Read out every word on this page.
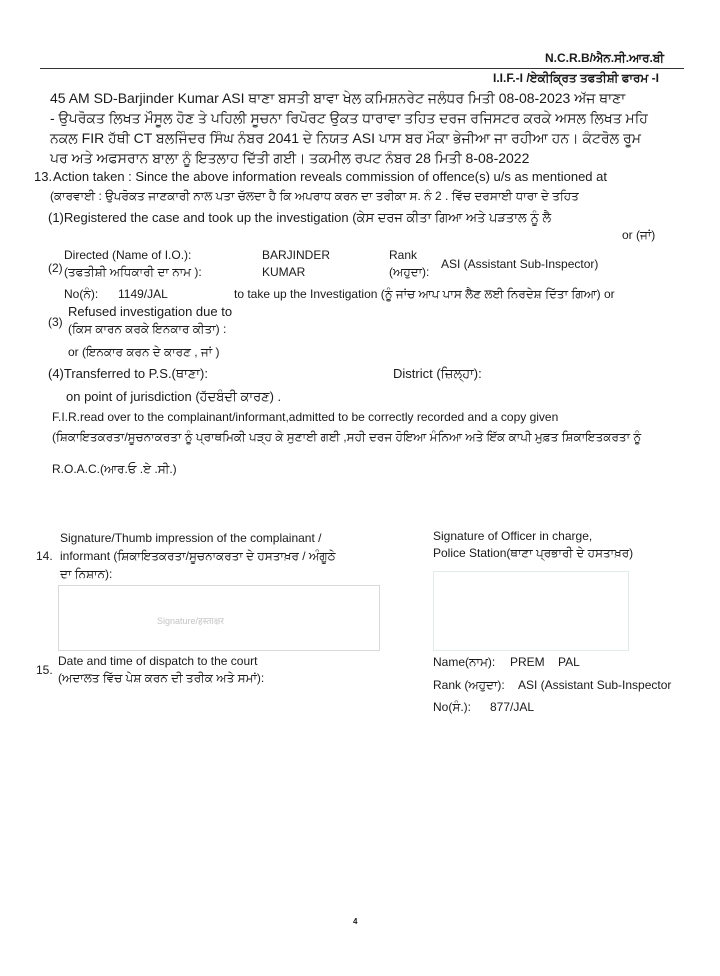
N.C.R.B/ਐਨ.ਸੀ.ਆਰ.ਬੀ
I.I.F.-I /ਏਕੀਕ੍ਰਿਤ ਤਫਤੀਸ਼ੀ ਫਾਰਮ -I
45 AM SD-Barjinder Kumar ASI ਥਾਣਾ ਬਸਤੀ ਬਾਵਾ ਖੇਲ ਕਮਿਸ਼ਨਰੇਟ ਜਲੰਧਰ ਮਿਤੀ 08-08-2023 ਅੱਜ ਥਾਣਾ
- ਉਪਰੋਕਤ ਲਿਖਤ ਮੌਸੂਲ ਹੋਣ ਤੇ ਪਹਿਲੀ ਸੂਚਨਾ ਰਿਪੋਰਟ ਉਕਤ ਧਾਰਾਵਾ ਤਹਿਤ ਦਰਜ ਰਜਿਸਟਰ ਕਰਕੇ ਅਸਲ ਲਿਖਤ ਮਹਿ
ਨਕਲ FIR ਹੱਥੀ CT ਬਲਜਿੰਦਰ ਸਿੰਘ ਨੰਬਰ 2041 ਦੇ ਨਿਯਤ ASI ਪਾਸ ਬਰ ਮੌਕਾ ਭੇਜੀਆ ਜਾ ਰਹੀਆ ਹਨ। ਕੰਟਰੋਲ ਰੂਮ
ਪਰ ਅਤੇ ਅਫਸਰਾਨ ਬਾਲਾ ਨੂੰ ਇਤਲਾਹ ਦਿੱਤੀ ਗਈ। ਤਕਮੀਲ ਰਪਟ ਨੰਬਰ 28 ਮਿਤੀ 8-08-2022
13. Action taken : Since the above information reveals commission of offence(s) u/s as mentioned at
(ਕਾਰਵਾਈ : ਉਪਰੋਕਤ ਜਾਣਕਾਰੀ ਨਾਲ ਪਤਾ ਚੱਲਦਾ ਹੈ ਕਿ ਅਪਰਾਧ ਕਰਨ ਦਾ ਤਰੀਕਾ ਸ. ਨੰ 2 . ਵਿੱਚ ਦਰਸਾਈ ਧਾਰਾ ਦੇ ਤਹਿਤ
(1)Registered the case and took up the investigation (ਕੇਸ ਦਰਜ ਕੀਤਾ ਗਿਆ ਅਤੇ ਪੜਤਾਲ ਨੂੰ ਲੈ
or (ਜਾਂ)
(2)
Directed (Name of I.O.):
(ਤਫਤੀਸ਼ੀ ਅਧਿਕਾਰੀ ਦਾ ਨਾਮ ):
BARJINDER
KUMAR
Rank
(ਅਹੁਦਾ):
ASI (Assistant Sub-Inspector)
No(ਨੰ): 1149/JAL	to take up the Investigation (ਨੂੰ ਜਾਂਚ ਆਪ ਪਾਸ ਲੈਣ ਲਈ ਨਿਰਦੇਸ਼ ਦਿੱਤਾ ਗਿਆ) or
(3)
Refused investigation due to
(ਕਿਸ ਕਾਰਨ ਕਰਕੇ ਇਨਕਾਰ ਕੀਤਾ) :
or (ਇਨਕਾਰ ਕਰਨ ਦੇ ਕਾਰਣ , ਜਾਂ )
(4)Transferred to P.S.(ਥਾਣਾ):	District (ਜ਼ਿਲ੍ਹਾ):
on point of jurisdiction (ਹੱਦਬੰਦੀ ਕਾਰਣ) .
F.I.R.read over to the complainant/informant,admitted to be correctly recorded and a copy given
(ਸ਼ਿਕਾਇਤਕਰਤਾ/ਸੂਚਨਾਕਰਤਾ ਨੂੰ ਪ੍ਰਾਥਮਿਕੀ ਪੜ੍ਹ ਕੇ ਸੁਣਾਈ ਗਈ ,ਸਹੀ ਦਰਜ ਹੋਇਆ ਮੰਨਿਆ ਅਤੇ ਇੱਕ ਕਾਪੀ ਮੁਫ਼ਤ ਸ਼ਿਕਾਇਤਕਰਤਾ ਨੂੰ
R.O.A.C.(ਆਰ.ਓ .ਏ .ਸੀ.)
Signature/Thumb impression of the complainant /
14. informant (ਸ਼ਿਕਾਇਤਕਰਤਾ/ਸੂਚਨਾਕਰਤਾ ਦੇ ਹਸਤਾਖ਼ਰ / ਅੰਗੂਠੇ
ਦਾ ਨਿਸ਼ਾਨ):
Signature/हस्ताक्षर
Signature of Officer in charge,
Police Station(ਥਾਣਾ ਪ੍ਰਭਾਰੀ ਦੇ ਹਸਤਾਖ਼ਰ)
Date and time of dispatch to the court
15.
(ਅਦਾਲਤ ਵਿੱਚ ਪੇਸ਼ ਕਰਨ ਦੀ ਤਰੀਕ ਅਤੇ ਸਮਾਂ):
Name(ਨਾਮ): PREM    PAL
Rank (ਅਹੁਦਾ): ASI (Assistant Sub-Inspector
No(ਸੰ.): 877/JAL
4
